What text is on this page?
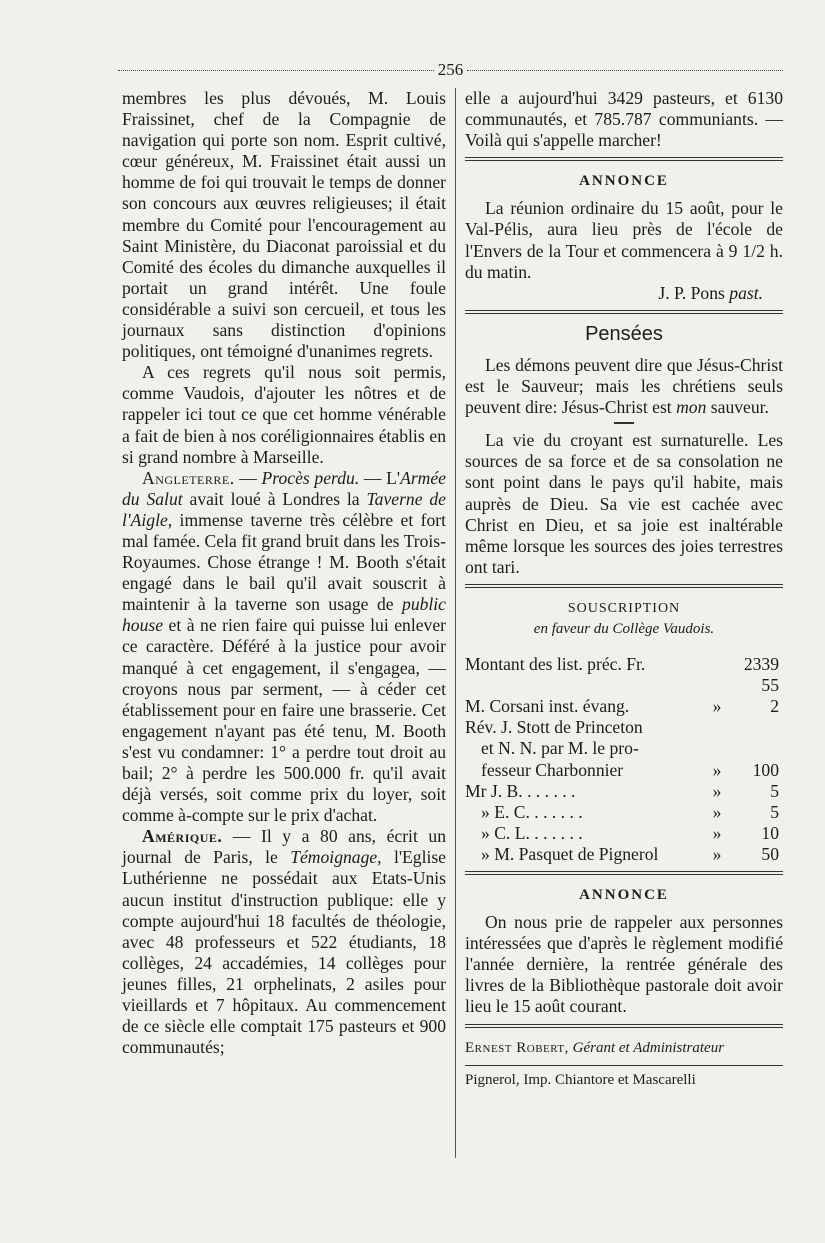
256

membres les plus dévoués, M. Louis Fraissinet, chef de la Compagnie de navigation qui porte son nom. Esprit cultivé, cœur généreux, M. Fraissinet était aussi un homme de foi qui trouvait le temps de donner son concours aux œuvres religieuses; il était membre du Comité pour l'encouragement au Saint Ministère, du Diaconat paroissial et du Comité des écoles du dimanche auxquelles il portait un grand intérêt. Une foule considérable a suivi son cercueil, et tous les journaux sans distinction d'opinions politiques, ont témoigné d'unanimes regrets.

A ces regrets qu'il nous soit permis, comme Vaudois, d'ajouter les nôtres et de rappeler ici tout ce que cet homme vénérable a fait de bien à nos coréligionnaires établis en si grand nombre à Marseille.

Angleterre. — Procès perdu. — L'Armée du Salut avait loué à Londres la Taverne de l'Aigle, immense taverne très célèbre et fort mal famée. Cela fit grand bruit dans les Trois-Royaumes. Chose étrange ! M. Booth s'était engagé dans le bail qu'il avait souscrit à maintenir à la taverne son usage de public house et à ne rien faire qui puisse lui enlever ce caractère. Déféré à la justice pour avoir manqué à cet engagement, il s'engagea, — croyons nous par serment, — à céder cet établissement pour en faire une brasserie. Cet engagement n'ayant pas été tenu, M. Booth s'est vu condamner: 1° a perdre tout droit au bail; 2° à perdre les 500.000 fr. qu'il avait déjà versés, soit comme prix du loyer, soit comme à-compte sur le prix d'achat.

Amérique. — Il y a 80 ans, écrit un journal de Paris, le Témoignage, l'Eglise Luthérienne ne possédait aux Etats-Unis aucun institut d'instruction publique: elle y compte aujourd'hui 18 facultés de théologie, avec 48 professeurs et 522 étudiants, 18 collèges, 24 accadémies, 14 collèges pour jeunes filles, 21 orphelinats, 2 asiles pour vieillards et 7 hôpitaux. Au commencement de ce siècle elle comptait 175 pasteurs et 900 communautés;

elle a aujourd'hui 3429 pasteurs, et 6130 communautés, et 785.787 communiants. — Voilà qui s'appelle marcher!

ANNONCE

La réunion ordinaire du 15 août, pour le Val-Pélis, aura lieu près de l'école de l'Envers de la Tour et commencera à 9 1/2 h. du matin.

J. P. Pons past.

Pensées

Les démons peuvent dire que Jésus-Christ est le Sauveur; mais les chrétiens seuls peuvent dire: Jésus-Christ est mon sauveur.

La vie du croyant est surnaturelle. Les sources de sa force et de sa consolation ne sont point dans le pays qu'il habite, mais auprès de Dieu. Sa vie est cachée avec Christ en Dieu, et sa joie est inaltérable même lorsque les sources des joies terrestres ont tari.

SOUSCRIPTION
en faveur du Collège Vaudois.
Montant des list. préc. Fr.	2339 55
M. Corsani inst. évang.	»	2
Rév. J. Stott de Princeton
et N. N. par M. le pro-
fesseur Charbonnier	»	100
Mr J. B. . . . . . .	»	5
» E. C. . . . . . .	»	5
» C. L. . . . . . .	»	10
» M. Pasquet de Pignerol	»	50
ANNONCE

On nous prie de rappeler aux personnes intéressées que d'après le règlement modifié l'année dernière, la rentrée générale des livres de la Bibliothèque pastorale doit avoir lieu le 15 août courant.

Ernest Robert, Gérant et Administrateur
Pignerol, Imp. Chiantore et Mascarelli
